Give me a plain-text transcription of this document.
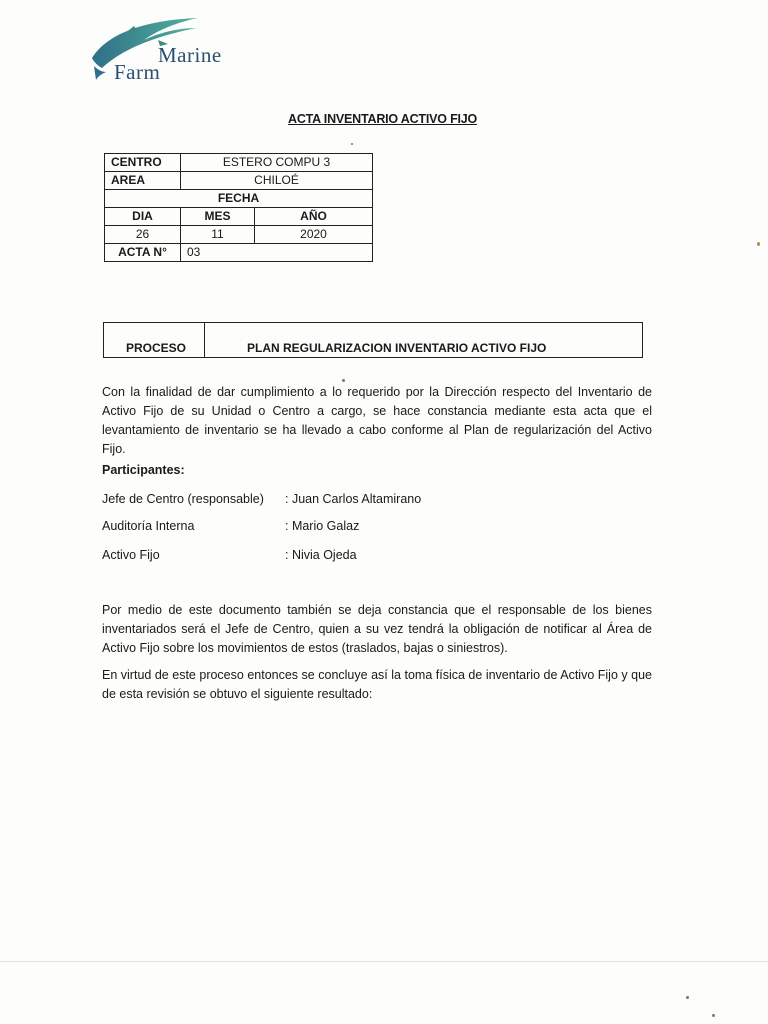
Marine
Farm
ACTA INVENTARIO ACTIVO FIJO
CENTRO	ESTERO COMPU 3	
AREA	CHILOÉ	
FECHA		
DIA	MES	AÑO
26	11	2020
ACTA N°	03	
PROCESO	PLAN REGULARIZACION INVENTARIO ACTIVO FIJO
Con la finalidad de dar cumplimiento a lo requerido por la Dirección respecto del Inventario de Activo Fijo de su Unidad o Centro a cargo, se hace constancia mediante esta acta que el levantamiento de inventario se ha llevado a cabo conforme al Plan de regularización del Activo Fijo.
Participantes:
Jefe de Centro (responsable) : Juan Carlos Altamirano
Auditoría Interna	: Mario Galaz
Activo Fijo	: Nivia Ojeda
Por medio de este documento también se deja constancia que el responsable de los bienes inventariados será el Jefe de Centro, quien a su vez tendrá la obligación de notificar al Área de Activo Fijo sobre los movimientos de estos (traslados, bajas o siniestros).
En virtud de este proceso entonces se concluye así la toma física de inventario de Activo Fijo y que de esta revisión se obtuvo el siguiente resultado:
